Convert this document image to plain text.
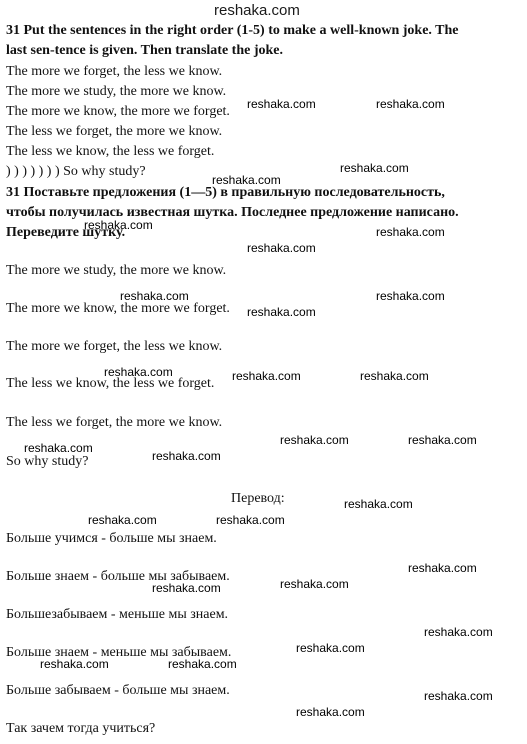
reshaka.com
31 Put the sentences in the right order (1-5) to make a well-known joke. The
last sen-tence is given. Then translate the joke.
The more we forget, the less we know.
The more we study, the more we know.
The more we know, the more we forget.
The less we forget, the more we know.
The less we know, the less we forget.
) ) ) ) ) ) ) So why study?
31 Поставьте предложения (1—5) в правильную последовательность,
чтобы получилась известная шутка. Последнее предложение написано.
Переведите шутку.
The more we study, the more we know.
The more we know, the more we forget.
The more we forget, the less we know.
The less we know, the less we forget.
The less we forget, the more we know.
So why study?
Перевод:
Больше учимся - больше мы знаем.
Больше знаем - больше мы забываем.
Большезабываем - меньше мы знаем.
Больше знаем - меньше мы забываем.
Больше забываем - больше мы знаем.
Так зачем тогда учиться?
reshaka.com	reshaka.com
reshaka.com
reshaka.com
reshaka.com	reshaka.com
reshaka.com
reshaka.com	reshaka.com
reshaka.com
reshaka.com	reshaka.com	reshaka.com
reshaka.com	reshaka.com
reshaka.com
reshaka.com
reshaka.com
reshaka.com	reshaka.com
reshaka.com
reshaka.com
reshaka.com
reshaka.com
reshaka.com
reshaka.com	reshaka.com
reshaka.com
reshaka.com
